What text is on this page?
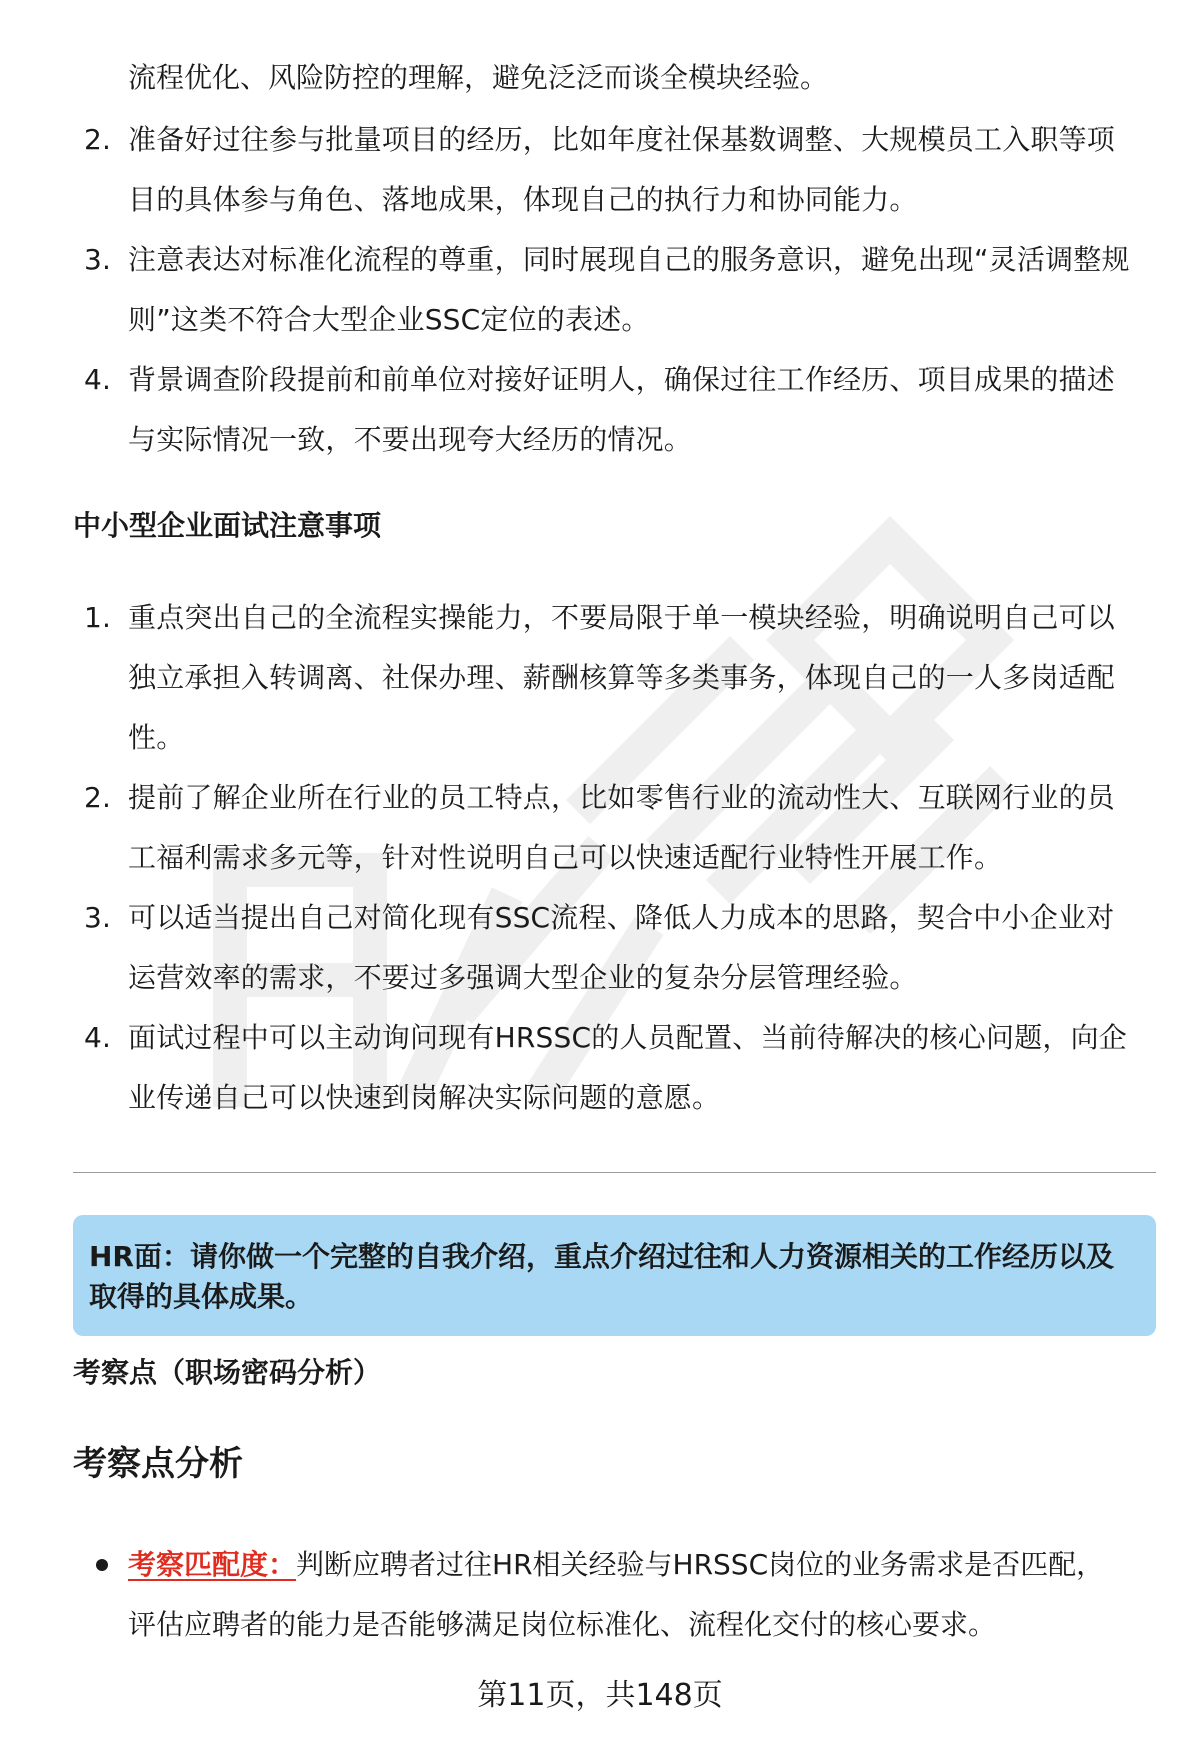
流程优化、风险防控的理解，避免泛泛而谈全模块经验。
2. 准备好过往参与批量项目的经历，比如年度社保基数调整、大规模员工入职等项目的具体参与角色、落地成果，体现自己的执行力和协同能力。
3. 注意表达对标准化流程的尊重，同时展现自己的服务意识，避免出现“灵活调整规则”这类不符合大型企业SSC定位的表述。
4. 背景调查阶段提前和前单位对接好证明人，确保过往工作经历、项目成果的描述与实际情况一致，不要出现夸大经历的情况。
中小型企业面试注意事项
1. 重点突出自己的全流程实操能力，不要局限于单一模块经验，明确说明自己可以独立承担入转调离、社保办理、薪酬核算等多类事务，体现自己的一人多岗适配性。
2. 提前了解企业所在行业的员工特点，比如零售行业的流动性大、互联网行业的员工福利需求多元等，针对性说明自己可以快速适配行业特性开展工作。
3. 可以适当提出自己对简化现有SSC流程、降低人力成本的思路，契合中小企业对运营效率的需求，不要过多强调大型企业的复杂分层管理经验。
4. 面试过程中可以主动询问现有HRSSC的人员配置、当前待解决的核心问题，向企业传递自己可以快速到岗解决实际问题的意愿。
HR面：请你做一个完整的自我介绍，重点介绍过往和人力资源相关的工作经历以及取得的具体成果。
考察点（职场密码分析）
考察点分析
考察匹配度：判断应聘者过往HR相关经验与HRSSC岗位的业务需求是否匹配，评估应聘者的能力是否能够满足岗位标准化、流程化交付的核心要求。
第11页，共148页
